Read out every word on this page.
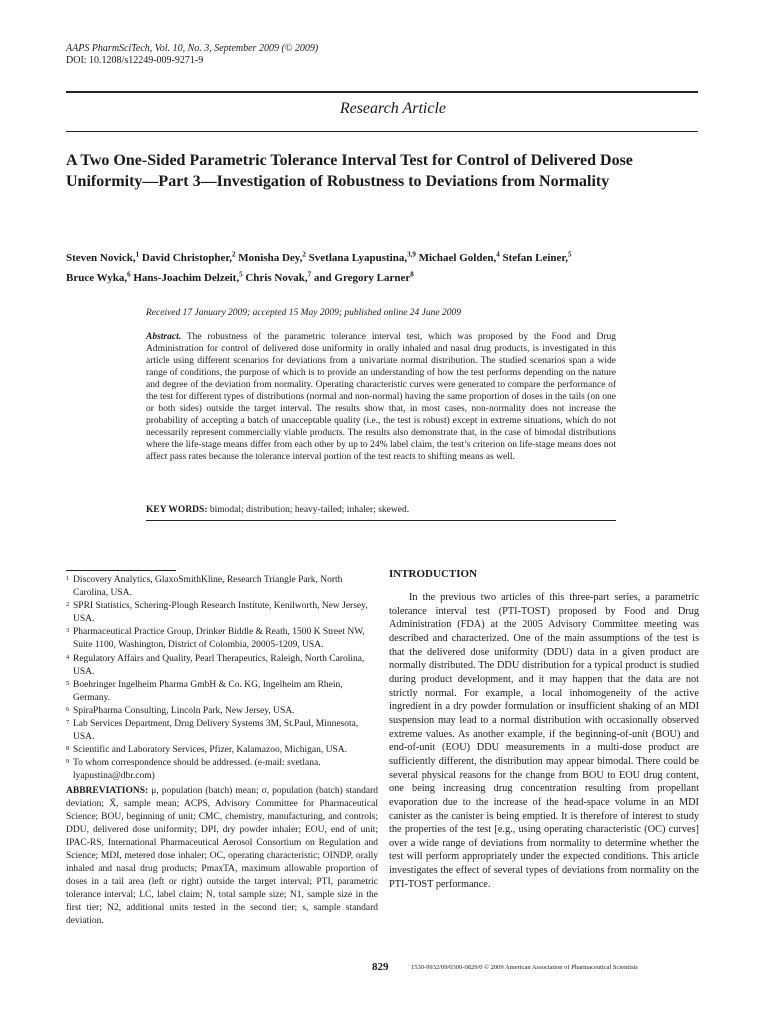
AAPS PharmSciTech, Vol. 10, No. 3, September 2009 (© 2009)
DOI: 10.1208/s12249-009-9271-9
Research Article
A Two One-Sided Parametric Tolerance Interval Test for Control of Delivered Dose Uniformity—Part 3—Investigation of Robustness to Deviations from Normality
Steven Novick,$^1$ David Christopher,$^2$ Monisha Dey,$^2$ Svetlana Lyapustina,$^{3,9}$ Michael Golden,$^4$ Stefan Leiner,$^5$
Bruce Wyka,$^6$ Hans-Joachim Delzeit,$^5$ Chris Novak,$^7$ and Gregory Larner$^8$
Received 17 January 2009; accepted 15 May 2009; published online 24 June 2009
Abstract. The robustness of the parametric tolerance interval test, which was proposed by the Food and Drug Administration for control of delivered dose uniformity in orally inhaled and nasal drug products, is investigated in this article using different scenarios for deviations from a univariate normal distribution. The studied scenarios span a wide range of conditions, the purpose of which is to provide an understanding of how the test performs depending on the nature and degree of the deviation from normality. Operating characteristic curves were generated to compare the performance of the test for different types of distributions (normal and non-normal) having the same proportion of doses in the tails (on one or both sides) outside the target interval. The results show that, in most cases, non-normality does not increase the probability of accepting a batch of unacceptable quality (i.e., the test is robust) except in extreme situations, which do not necessarily represent commercially viable products. The results also demonstrate that, in the case of bimodal distributions where the life-stage means differ from each other by up to 24% label claim, the test’s criterion on life-stage means does not affect pass rates because the tolerance interval portion of the test reacts to shifting means as well.
KEY WORDS: bimodal; distribution; heavy-tailed; inhaler; skewed.
1 Discovery Analytics, GlaxoSmithKline, Research Triangle Park, North Carolina, USA.
2 SPRI Statistics, Schering-Plough Research Institute, Kenilworth, New Jersey, USA.
3 Pharmaceutical Practice Group, Drinker Biddle & Reath, 1500 K Street NW, Suite 1100, Washington, District of Colombia, 20005-1209, USA.
4 Regulatory Affairs and Quality, Pearl Therapeutics, Raleigh, North Carolina, USA.
5 Boehringer Ingelheim Pharma GmbH & Co. KG, Ingelheim am Rhein, Germany.
6 SpiraPharma Consulting, Lincoln Park, New Jersey, USA.
7 Lab Services Department, Drug Delivery Systems 3M, St.Paul, Minnesota, USA.
8 Scientific and Laboratory Services, Pfizer, Kalamazoo, Michigan, USA.
9 To whom correspondence should be addressed. (e-mail: svetlana. lyapustina@dbr.com)
ABBREVIATIONS: μ, population (batch) mean; σ, population (batch) standard deviation; X̄, sample mean; ACPS, Advisory Committee for Pharmaceutical Science; BOU, beginning of unit; CMC, chemistry, manufacturing, and controls; DDU, delivered dose uniformity; DPI, dry powder inhaler; EOU, end of unit; IPAC-RS, International Pharmaceutical Aerosol Consortium on Regulation and Science; MDI, metered dose inhaler; OC, operating characteristic; OINDP, orally inhaled and nasal drug products; PmaxTA, maximum allowable proportion of doses in a tail area (left or right) outside the target interval; PTI, parametric tolerance interval; LC, label claim; N, total sample size; N1, sample size in the first tier; N2, additional units tested in the second tier; s, sample standard deviation.
INTRODUCTION
In the previous two articles of this three-part series, a parametric tolerance interval test (PTI-TOST) proposed by Food and Drug Administration (FDA) at the 2005 Advisory Committee meeting was described and characterized. One of the main assumptions of the test is that the delivered dose uniformity (DDU) data in a given product are normally distributed. The DDU distribution for a typical product is studied during product development, and it may happen that the data are not strictly normal. For example, a local inhomogeneity of the active ingredient in a dry powder formulation or insufficient shaking of an MDI suspension may lead to a normal distribution with occasionally observed extreme values. As another example, if the beginning-of-unit (BOU) and end-of-unit (EOU) DDU measurements in a multi-dose product are sufficiently different, the distribution may appear bimodal. There could be several physical reasons for the change from BOU to EOU drug content, one being increasing drug concentration resulting from propellant evaporation due to the increase of the head-space volume in an MDI canister as the canister is being emptied. It is therefore of interest to study the properties of the test [e.g., using operating characteristic (OC) curves] over a wide range of deviations from normality to determine whether the test will perform appropriately under the expected conditions. This article investigates the effect of several types of deviations from normality on the PTI-TOST performance.
829	1530-9932/09/0300-0829/0 © 2009 American Association of Pharmaceutical Scientists
